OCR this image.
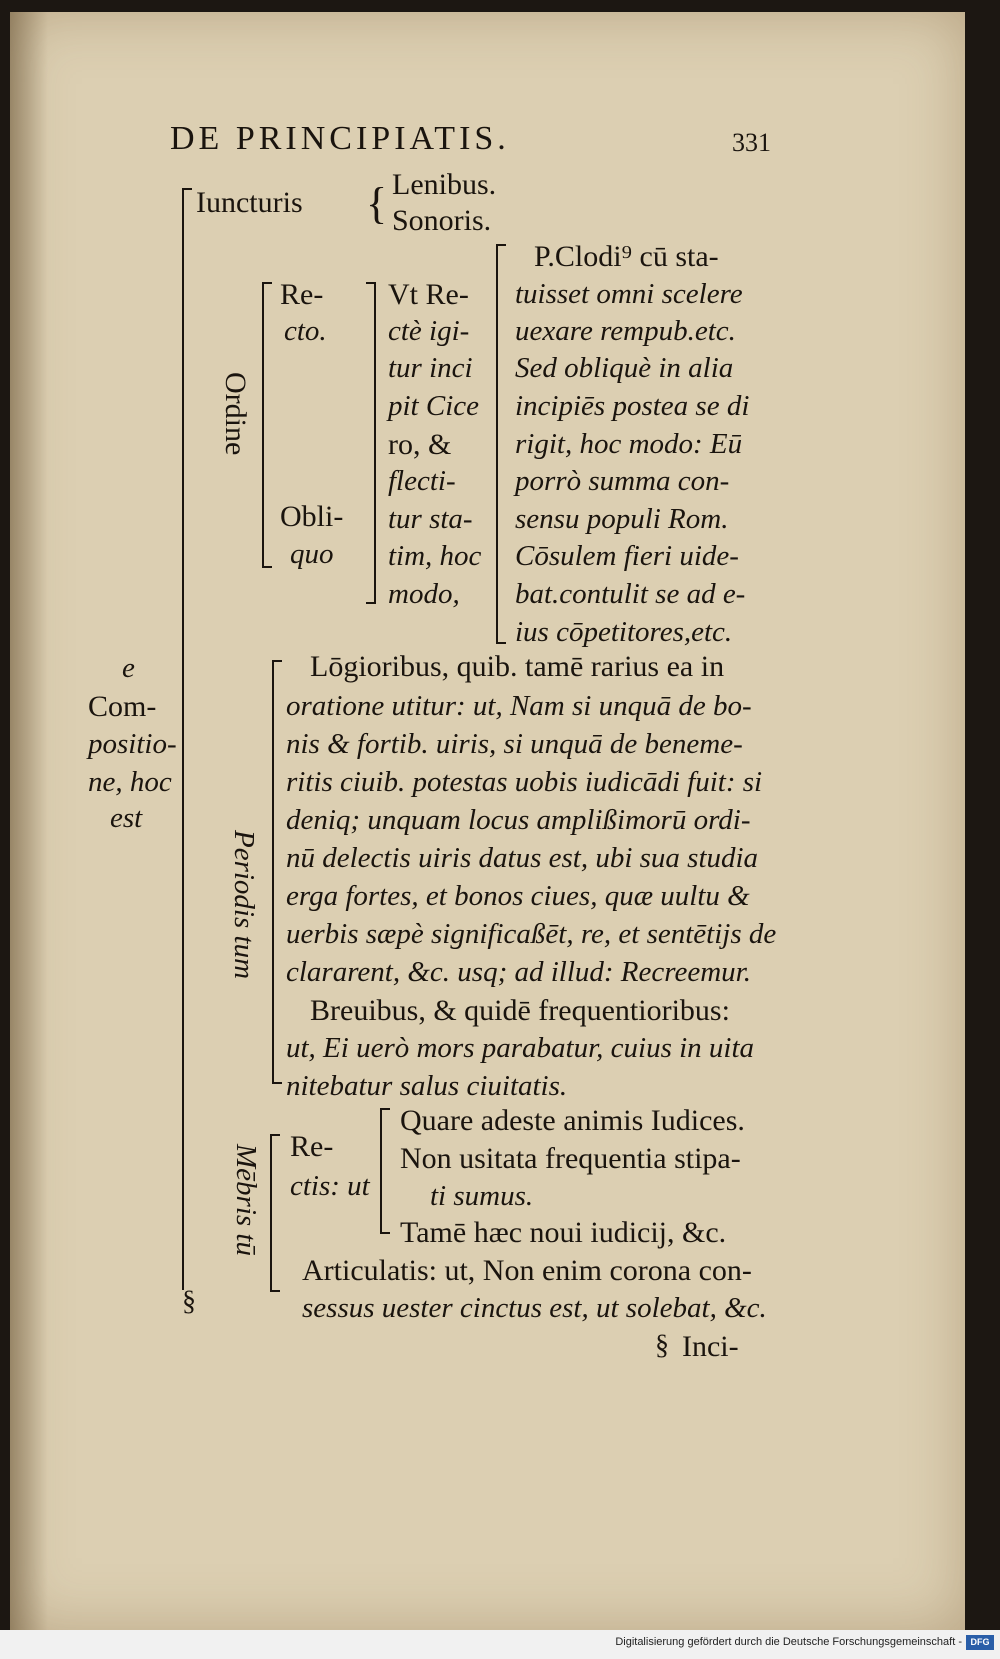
DE PRINCIPIATIS.	331
Iuncturis { Lenibus.
Sonoris.
Ordine
Re-
cto.
Obli-
quo
Vt Re-
ctè igi-
tur inci
pit Cice
ro, &
flecti-
tur sta-
tim, hoc
modo,
P.Clodi⁹ cū sta-
tuisset omni scelere
uexare rempub.etc.
Sed obliquè in alia
incipiēs postea se di
rigit, hoc modo: Eū
porrò summa con-
sensu populi Rom.
Cōsulem fieri uide-
bat.contulit se ad e-
ius cōpetitores,etc.
e
Com-
positio-
ne, hoc
est
Periodis tum
Lōgioribus, quib. tamē rarius ea in
oratione utitur: ut, Nam si unquā de bo-
nis & fortib. uiris, si unquā de beneme-
ritis ciuib. potestas uobis iudicādi fuit: si
deniq; unquam locus amplißimorū ordi-
nū delectis uiris datus est, ubi sua studia
erga fortes, et bonos ciues, quæ uultu &
uerbis sæpè significaßēt, re, et sentētijs de
clararent, &c. usq; ad illud: Recreemur.
Breuibus, & quidē frequentioribus:
ut, Ei uerò mors parabatur, cuius in uita
nitebatur salus ciuitatis.
Mēbris tū Re-
ctis: ut
Quare adeste animis Iudices.
Non usitata frequentia stipa-
ti sumus.
Tamē hæc noui iudicij, &c.
Articulatis: ut, Non enim corona con-
sessus uester cinctus est, ut solebat, &c.
§
§ Inci-
Digitalisierung gefördert durch die Deutsche Forschungsgemeinschaft - DFG
